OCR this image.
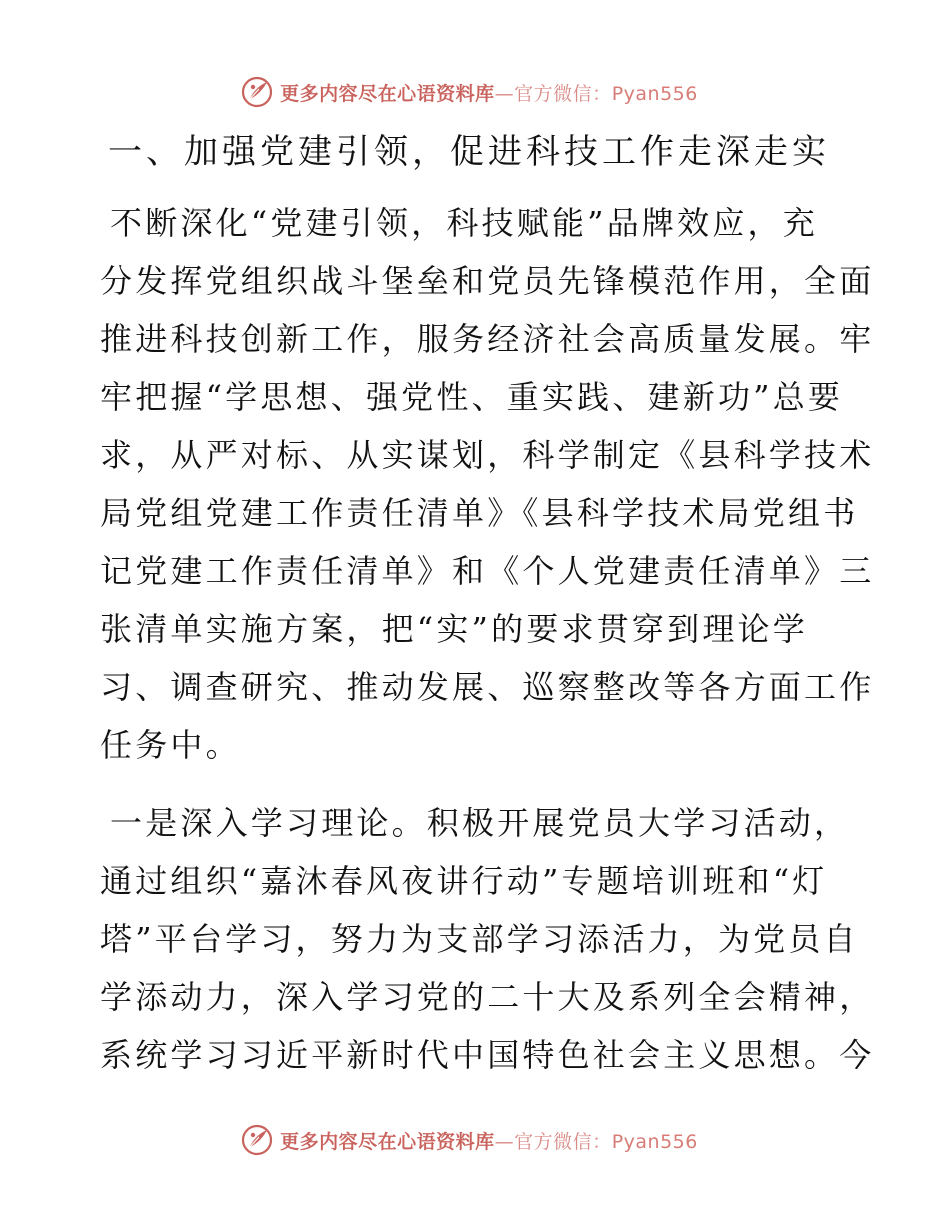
更多内容尽在心语资料库—官方微信：Pyan556
一、加强党建引领，促进科技工作走深走实
不断深化“党建引领，科技赋能”品牌效应，充
分发挥党组织战斗堡垒和党员先锋模范作用，全面
推进科技创新工作，服务经济社会高质量发展。牢
牢把握“学思想、强党性、重实践、建新功”总要
求，从严对标、从实谋划，科学制定《县科学技术
局党组党建工作责任清单》《县科学技术局党组书
记党建工作责任清单》和《个人党建责任清单》三
张清单实施方案，把“实”的要求贯穿到理论学
习、调查研究、推动发展、巡察整改等各方面工作
任务中。
一是深入学习理论。积极开展党员大学习活动，
通过组织“嘉沐春风夜讲行动”专题培训班和“灯
塔”平台学习，努力为支部学习添活力，为党员自
学添动力，深入学习党的二十大及系列全会精神，
系统学习习近平新时代中国特色社会主义思想。今
更多内容尽在心语资料库—官方微信：Pyan556
